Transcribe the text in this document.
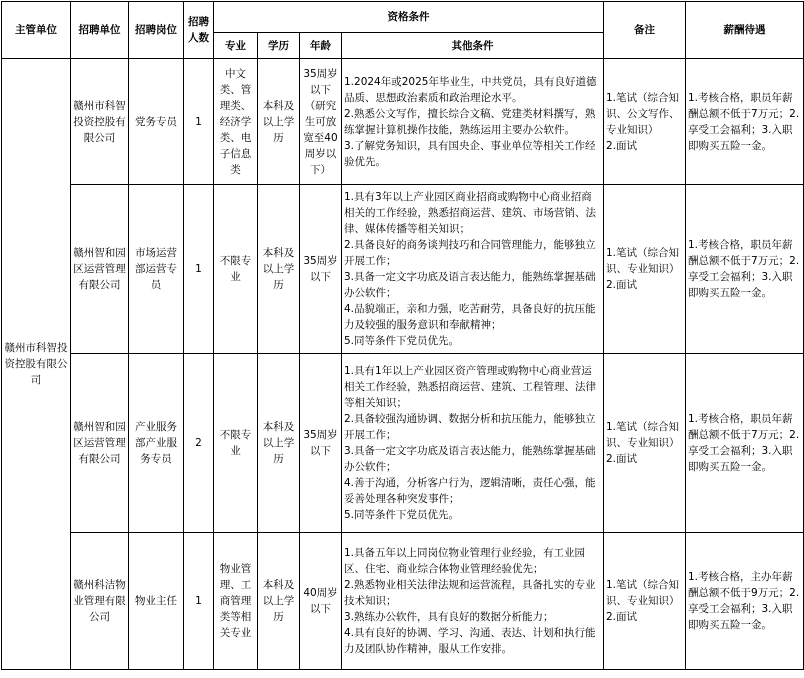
主管单位	招聘单位	招聘岗位	招聘人数	资格条件				备注	薪酬待遇
				专业	学历	年龄	其他条件		
赣州市科智投资控股有限公司	赣州市科智投资控股有限公司	党务专员	1	中文类、管理类、经济学类、电子信息类	本科及以上学历	35周岁以下（研究生可放宽至40周岁以下）	1.2024年或2025年毕业生，中共党员，具有良好道德品质、思想政治素质和政治理论水平。
2.熟悉公文写作，擅长综合文稿、党建类材料撰写，熟练掌握计算机操作技能，熟练运用主要办公软件。
3.了解党务知识，具有国央企、事业单位等相关工作经验优先。	1.笔试（综合知识、公文写作、专业知识）
2.面试	1.考核合格，职员年薪酬总额不低于7万元；2.享受工会福利；3.入职即购买五险一金。

	赣州智和园区运营管理有限公司	市场运营部运营专员	1	不限专业	本科及以上学历	35周岁以下	1.具有3年以上产业园区商业招商或购物中心商业招商相关的工作经验，熟悉招商运营、建筑、市场营销、法律、媒体传播等相关知识；
2.具备良好的商务谈判技巧和合同管理能力，能够独立开展工作；
3.具备一定文字功底及语言表达能力，能熟练掌握基础办公软件；
4.品貌端正，亲和力强，吃苦耐劳，具备良好的抗压能力及较强的服务意识和奉献精神；
5.同等条件下党员优先。	1.笔试（综合知识、专业知识）
2.面试	1.考核合格，职员年薪酬总额不低于7万元；2.享受工会福利；3.入职即购买五险一金。

	赣州智和园区运营管理有限公司	产业服务部产业服务专员	2	不限专业	本科及以上学历	35周岁以下	1.具有1年以上产业园区资产管理或购物中心商业营运相关工作经验，熟悉招商运营、建筑、工程管理、法律等相关知识；
2.具备较强沟通协调、数据分析和抗压能力，能够独立开展工作；
3.具备一定文字功底及语言表达能力，能熟练掌握基础办公软件；
4.善于沟通，分析客户行为，逻辑清晰，责任心强，能妥善处理各种突发事件；
5.同等条件下党员优先。	1.笔试（综合知识、专业知识）
2.面试	1.考核合格，职员年薪酬总额不低于7万元；2.享受工会福利；3.入职即购买五险一金。

	赣州科洁物业管理有限公司	物业主任	1	物业管理、工商管理类等相关专业	本科及以上学历	40周岁以下	1.具备五年以上同岗位物业管理行业经验，有工业园区、住宅、商业综合体物业管理经验优先；
2.熟悉物业相关法律法规和运营流程，具备扎实的专业技术知识；
3.熟练办公软件，具有良好的数据分析能力；
4.具有良好的协调、学习、沟通、表达、计划和执行能力及团队协作精神，服从工作安排。	1.笔试（综合知识、专业知识）
2.面试	1.考核合格，主办年薪酬总额不低于9万元；2.享受工会福利；3.入职即购买五险一金。
